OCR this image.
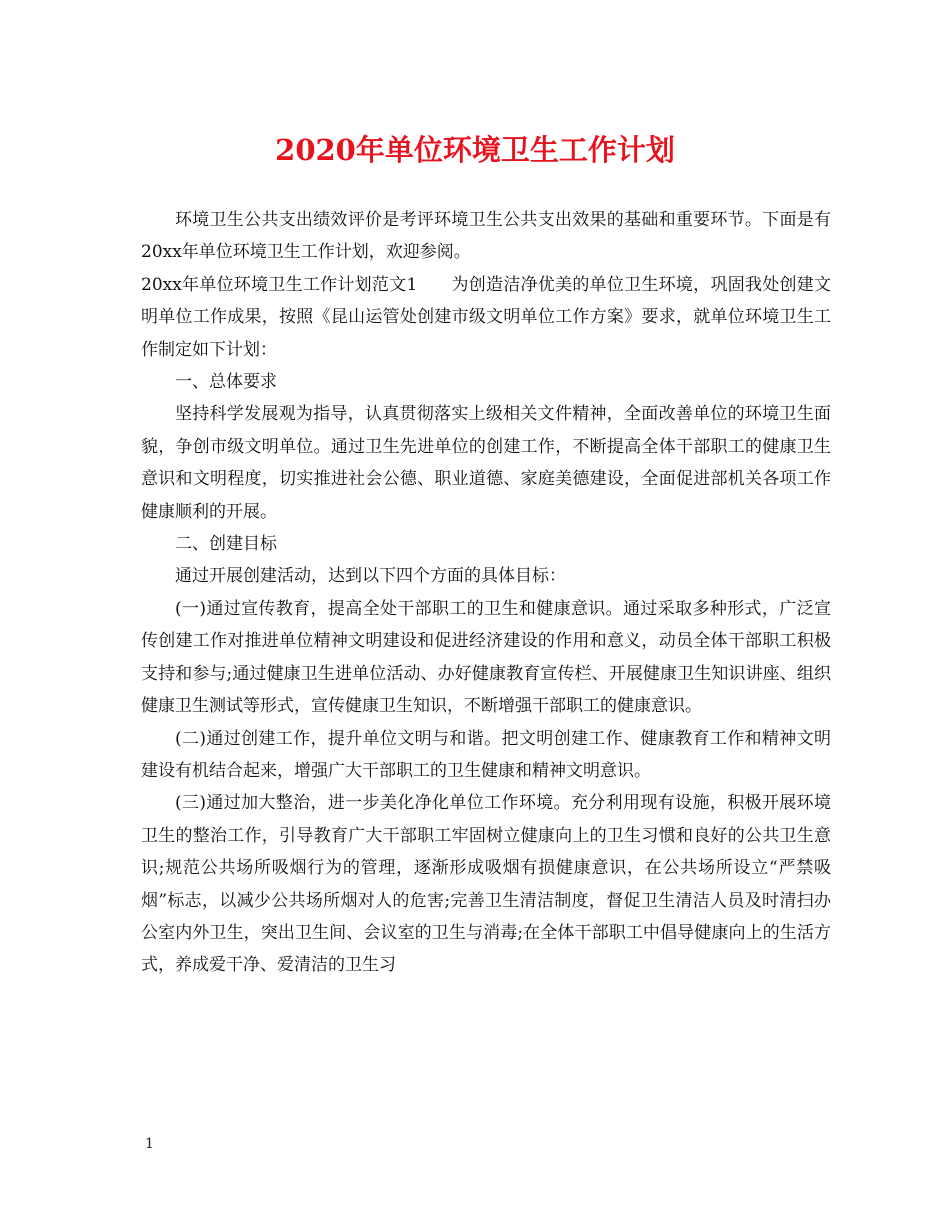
2020年单位环境卫生工作计划

环境卫生公共支出绩效评价是考评环境卫生公共支出效果的基础和重要环节。下面是有20xx年单位环境卫生工作计划，欢迎参阅。

20xx年单位环境卫生工作计划范文1 为创造洁净优美的单位卫生环境，巩固我处创建文明单位工作成果，按照《昆山运管处创建市级文明单位工作方案》要求，就单位环境卫生工作制定如下计划：

一、总体要求

坚持科学发展观为指导，认真贯彻落实上级相关文件精神，全面改善单位的环境卫生面貌，争创市级文明单位。通过卫生先进单位的创建工作，不断提高全体干部职工的健康卫生意识和文明程度，切实推进社会公德、职业道德、家庭美德建设，全面促进部机关各项工作健康顺利的开展。

二、创建目标

通过开展创建活动，达到以下四个方面的具体目标：

(一)通过宣传教育，提高全处干部职工的卫生和健康意识。通过采取多种形式，广泛宣传创建工作对推进单位精神文明建设和促进经济建设的作用和意义，动员全体干部职工积极支持和参与;通过健康卫生进单位活动、办好健康教育宣传栏、开展健康卫生知识讲座、组织健康卫生测试等形式，宣传健康卫生知识，不断增强干部职工的健康意识。

(二)通过创建工作，提升单位文明与和谐。把文明创建工作、健康教育工作和精神文明建设有机结合起来，增强广大干部职工的卫生健康和精神文明意识。

(三)通过加大整治，进一步美化净化单位工作环境。充分利用现有设施，积极开展环境卫生的整治工作，引导教育广大干部职工牢固树立健康向上的卫生习惯和良好的公共卫生意识;规范公共场所吸烟行为的管理，逐渐形成吸烟有损健康意识，在公共场所设立“严禁吸烟”标志，以减少公共场所烟对人的危害;完善卫生清洁制度，督促卫生清洁人员及时清扫办公室内外卫生，突出卫生间、会议室的卫生与消毒;在全体干部职工中倡导健康向上的生活方式，养成爱干净、爱清洁的卫生习

1
